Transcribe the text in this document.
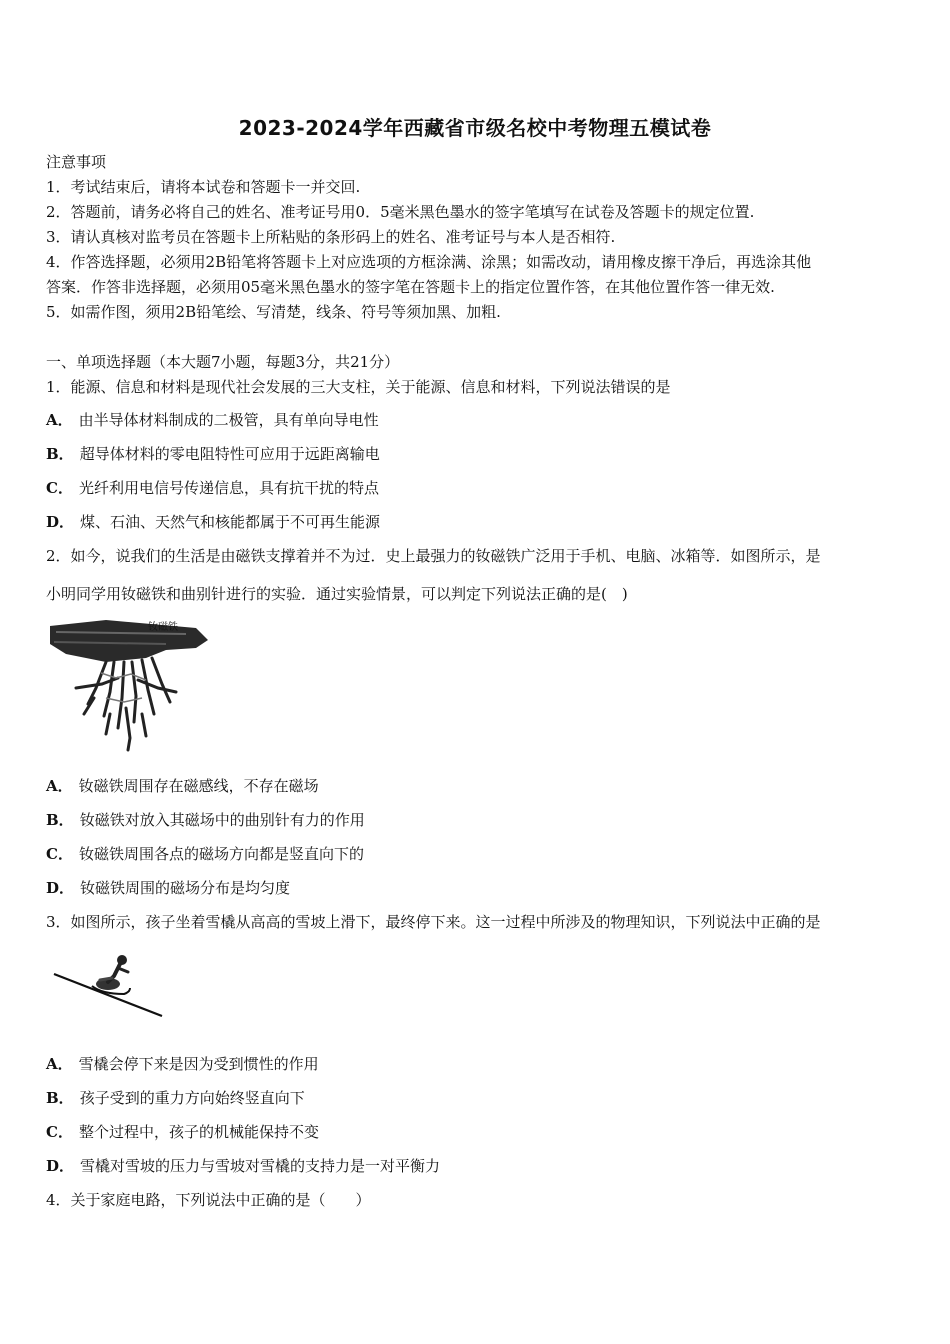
2023-2024学年西藏省市级名校中考物理五模试卷
注意事项
1．考试结束后，请将本试卷和答题卡一并交回.
2．答题前，请务必将自己的姓名、准考证号用0．5毫米黑色墨水的签字笔填写在试卷及答题卡的规定位置.
3．请认真核对监考员在答题卡上所粘贴的条形码上的姓名、准考证号与本人是否相符.
4．作答选择题，必须用2B铅笔将答题卡上对应选项的方框涂满、涂黑；如需改动，请用橡皮擦干净后，再选涂其他
答案．作答非选择题，必须用05毫米黑色墨水的签字笔在答题卡上的指定位置作答，在其他位置作答一律无效.
5．如需作图，须用2B铅笔绘、写清楚，线条、符号等须加黑、加粗.
一、单项选择题（本大题7小题，每题3分，共21分）
1．能源、信息和材料是现代社会发展的三大支柱，关于能源、信息和材料，下列说法错误的是
A． 由半导体材料制成的二极管，具有单向导电性
B． 超导体材料的零电阻特性可应用于远距离输电
C． 光纤利用电信号传递信息，具有抗干扰的特点
D． 煤、石油、天然气和核能都属于不可再生能源
2．如今，说我们的生活是由磁铁支撑着并不为过．史上最强力的钕磁铁广泛用于手机、电脑、冰箱等．如图所示，是
小明同学用钕磁铁和曲别针进行的实验．通过实验情景，可以判定下列说法正确的是(　)
钕磁铁
A． 钕磁铁周围存在磁感线，不存在磁场
B． 钕磁铁对放入其磁场中的曲别针有力的作用
C． 钕磁铁周围各点的磁场方向都是竖直向下的
D． 钕磁铁周围的磁场分布是均匀度
3．如图所示，孩子坐着雪橇从高高的雪坡上滑下，最终停下来。这一过程中所涉及的物理知识，下列说法中正确的是
A． 雪橇会停下来是因为受到惯性的作用
B． 孩子受到的重力方向始终竖直向下
C． 整个过程中，孩子的机械能保持不变
D． 雪橇对雪坡的压力与雪坡对雪橇的支持力是一对平衡力
4．关于家庭电路，下列说法中正确的是（　　）
